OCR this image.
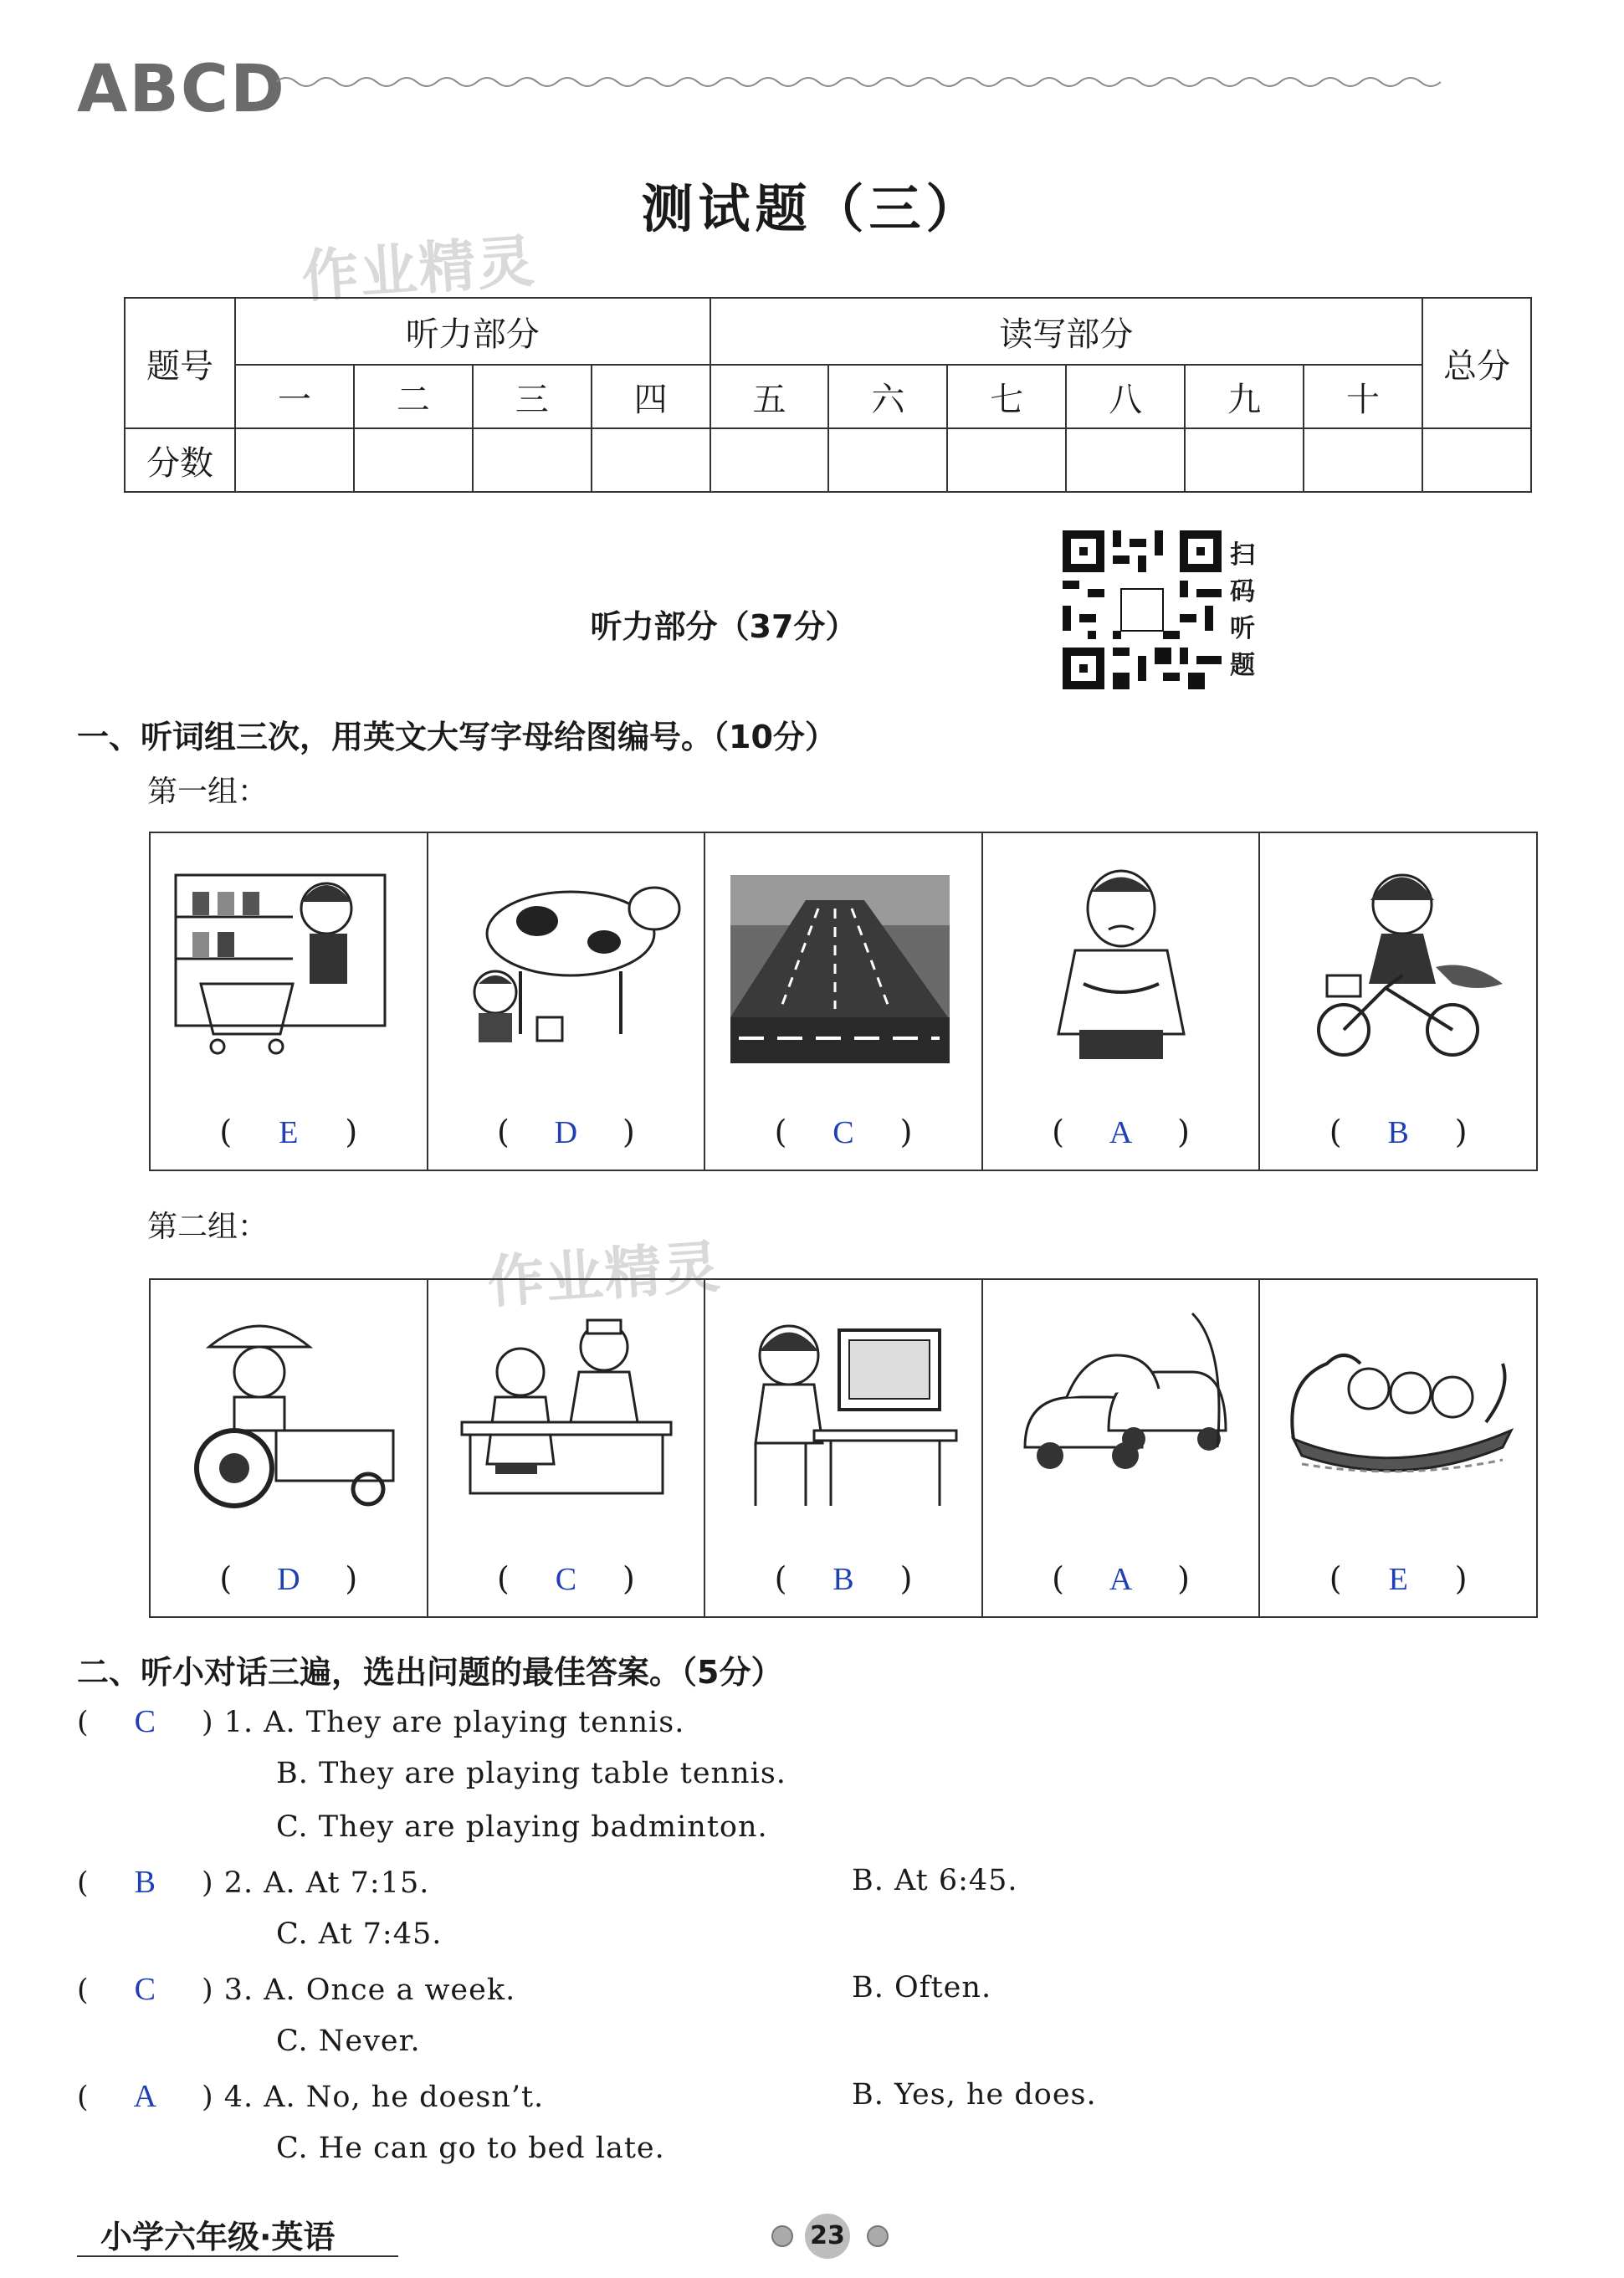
A B C D
测试题（三）
作业精灵
题号	听力部分				读写部分						总分
	一	二	三	四	五	六	七	八	九	十	
分数											
听力部分（37分）
扫
码
听
题
一、听词组三次，用英文大写字母给图编号。（10分）
第一组：
( E )	( D )	( C )	( A )	( B )
第二组：
作业精灵
( D )	( C )	( B )	( A )	( E )
二、听小对话三遍，选出问题的最佳答案。（5分）
( C ) 1. A. They are playing tennis.
B. They are playing table tennis.
C. They are playing badminton.
( B ) 2. A. At 7:15.	B. At 6:45.
C. At 7:45.
( C ) 3. A. Once a week.	B. Often.
C. Never.
( A ) 4. A. No, he doesn’t.	B. Yes, he does.
C. He can go to bed late.
小学六年级·英语	23
